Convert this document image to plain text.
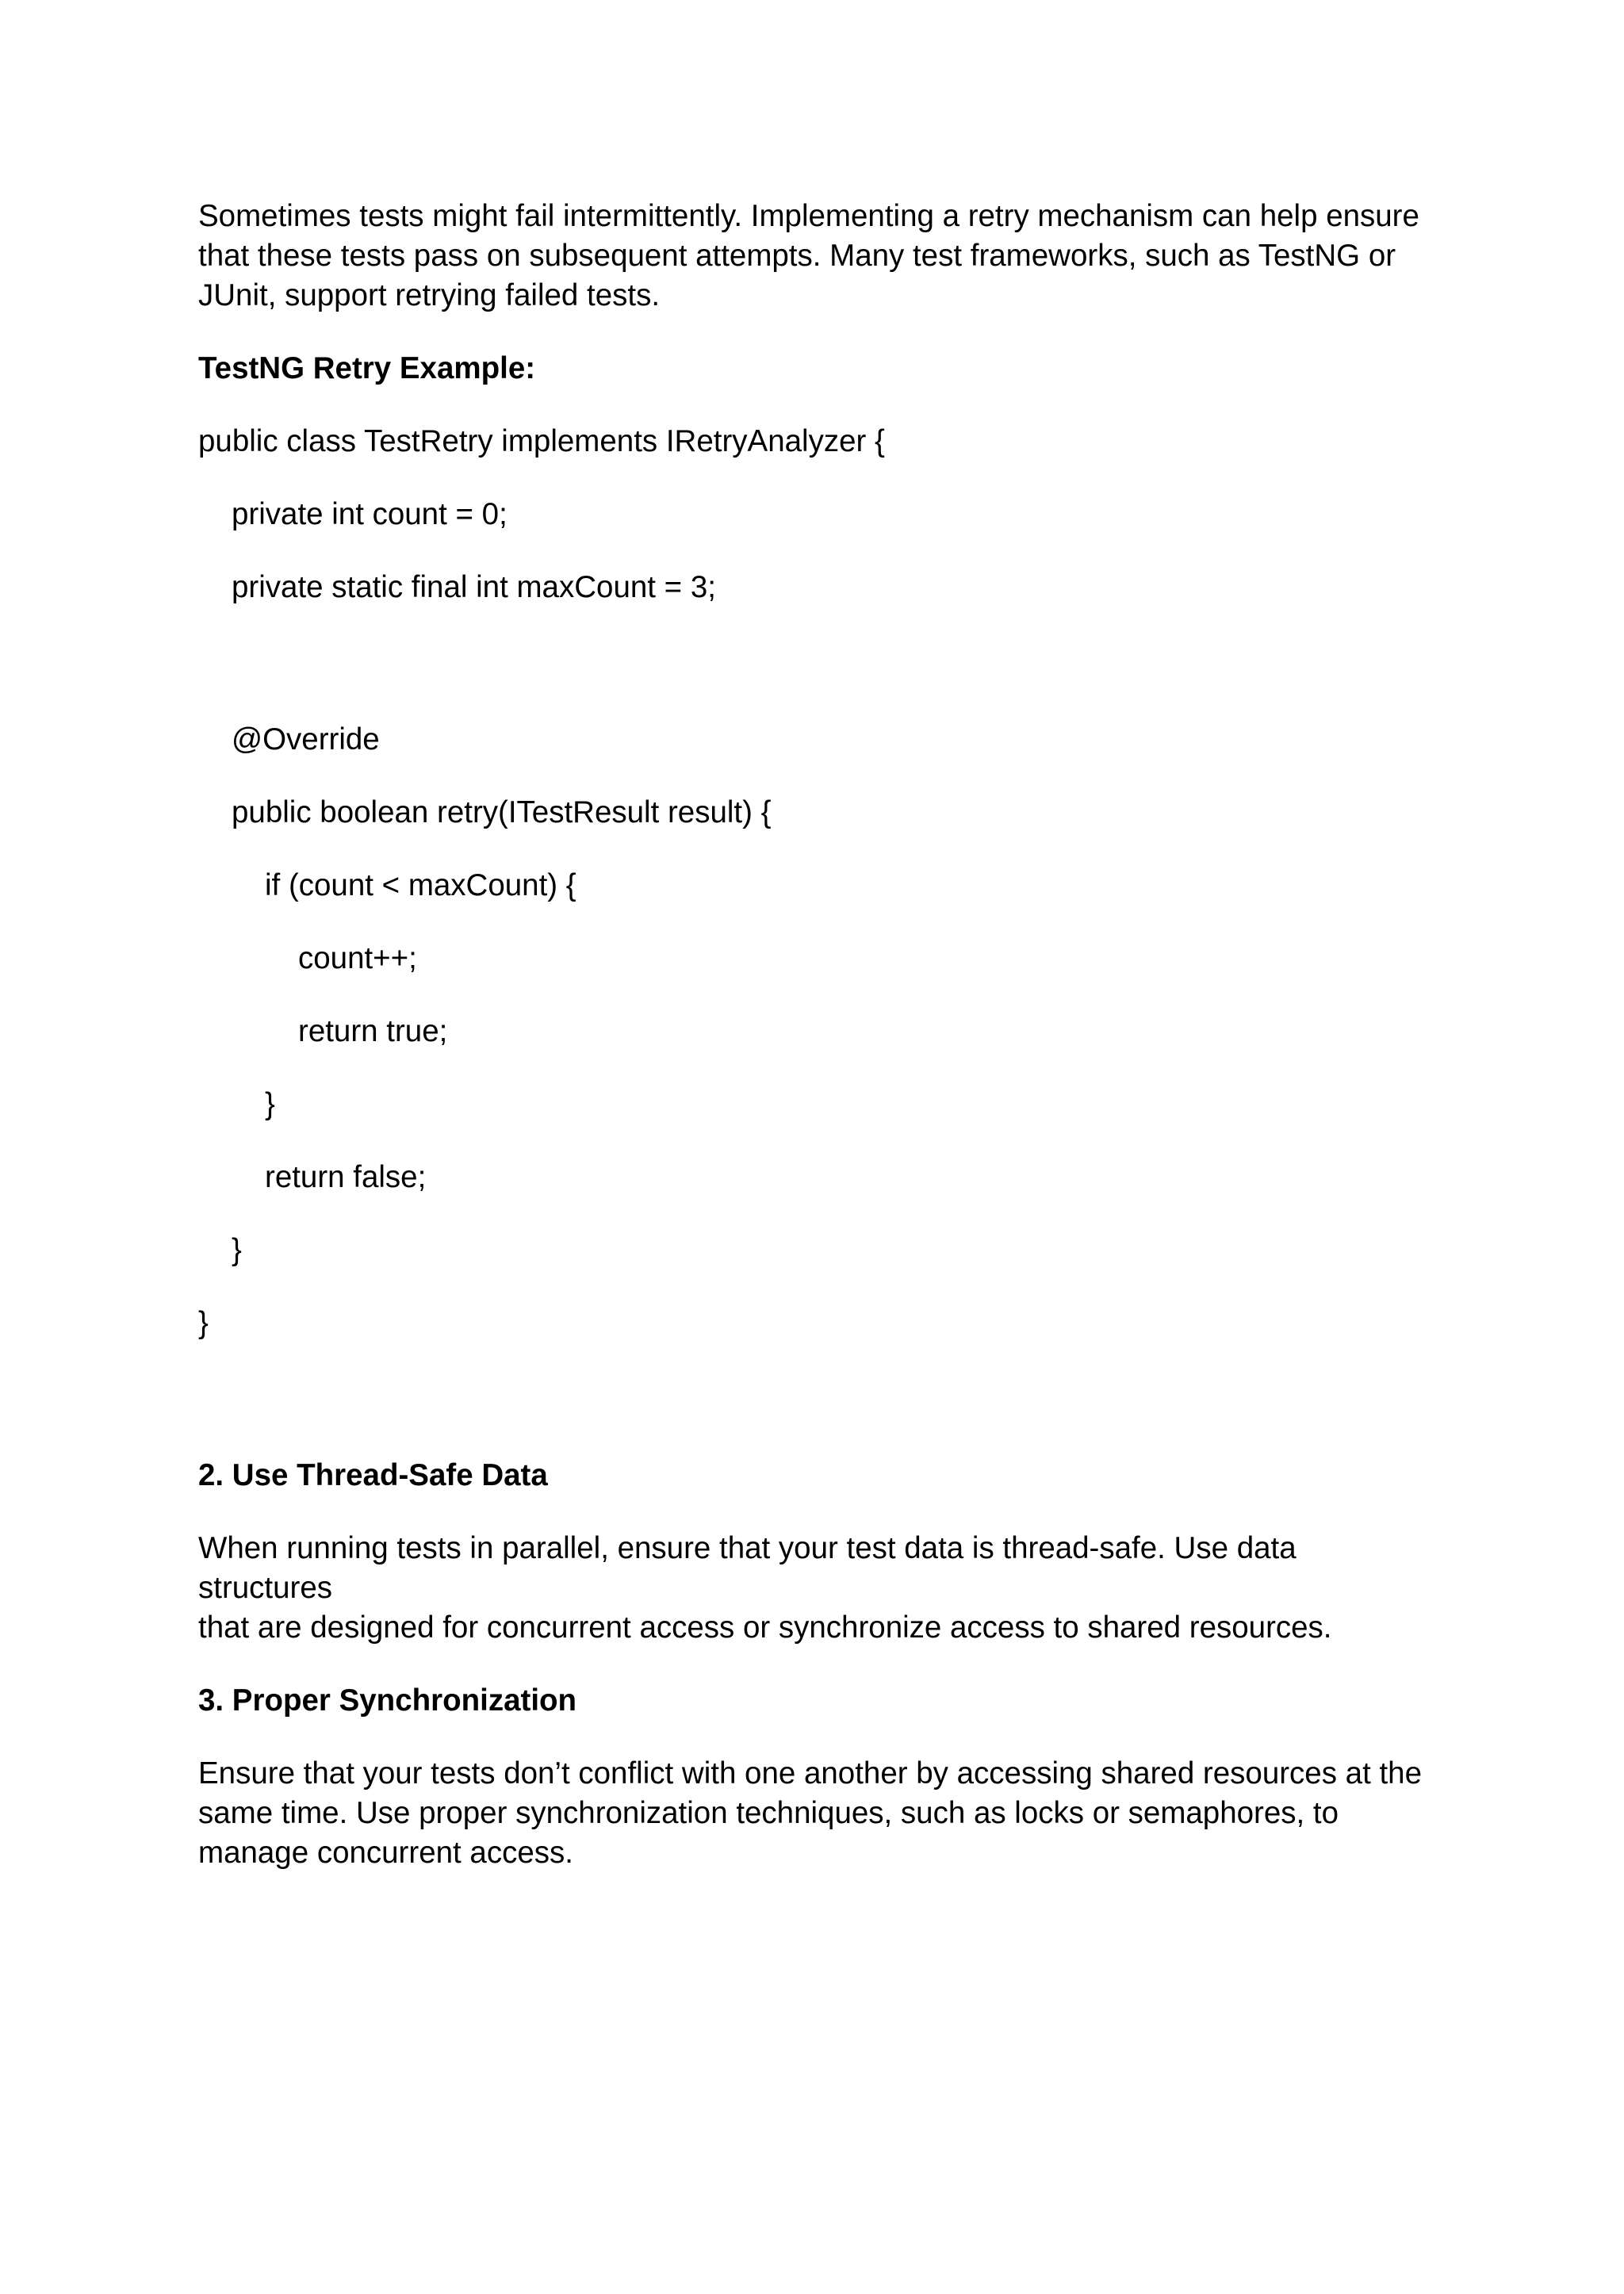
Sometimes tests might fail intermittently. Implementing a retry mechanism can help ensure
that these tests pass on subsequent attempts. Many test frameworks, such as TestNG or
JUnit, support retrying failed tests.
TestNG Retry Example:
public class TestRetry implements IRetryAnalyzer {
private int count = 0;
private static final int maxCount = 3;
@Override
public boolean retry(ITestResult result) {
if (count < maxCount) {
count++;
return true;
}
return false;
}
}
2. Use Thread-Safe Data
When running tests in parallel, ensure that your test data is thread-safe. Use data structures
that are designed for concurrent access or synchronize access to shared resources.
3. Proper Synchronization
Ensure that your tests don’t conflict with one another by accessing shared resources at the
same time. Use proper synchronization techniques, such as locks or semaphores, to
manage concurrent access.
